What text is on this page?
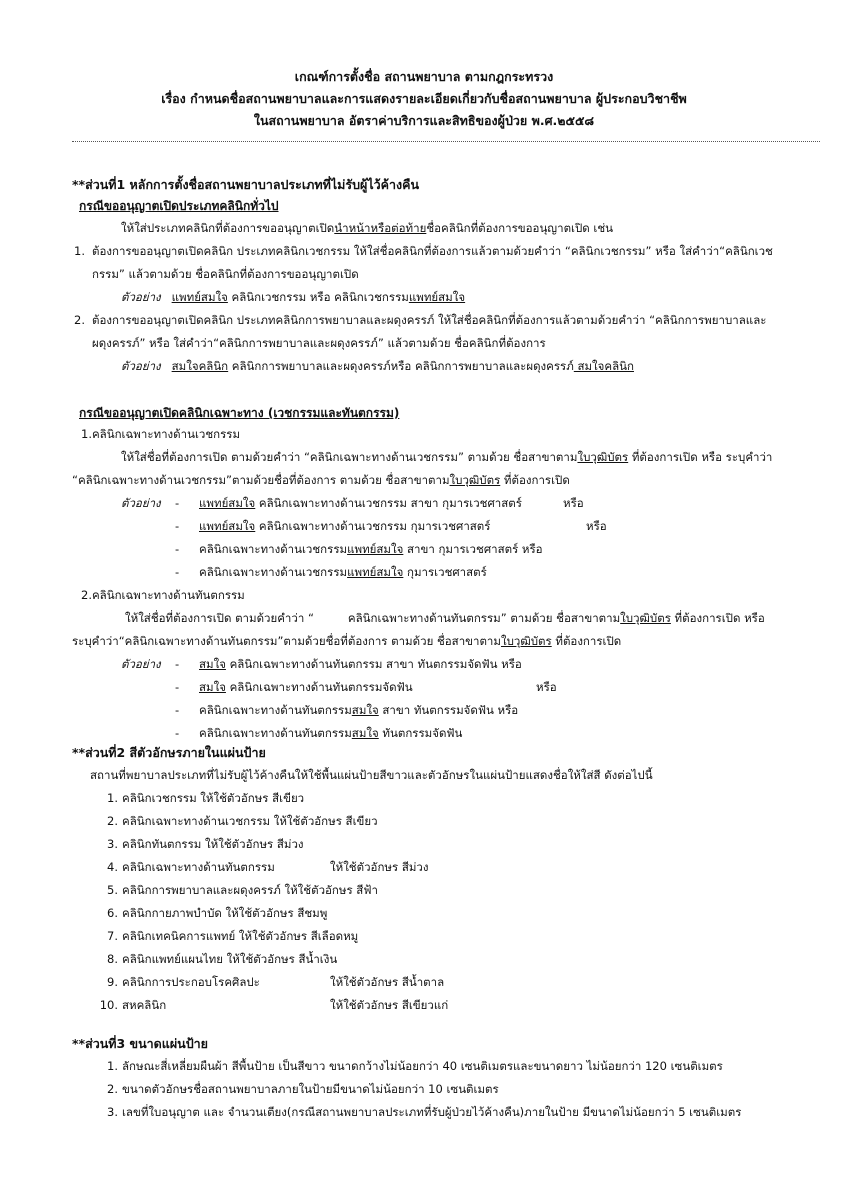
เกณฑ์การตั้งชื่อ สถานพยาบาล ตามกฎกระทรวง
เรื่อง กำหนดชื่อสถานพยาบาลและการแสดงรายละเอียดเกี่ยวกับชื่อสถานพยาบาล ผู้ประกอบวิชาชีพ
ในสถานพยาบาล อัตราค่าบริการและสิทธิของผู้ป่วย พ.ศ.๒๕๕๘
**ส่วนที่1 หลักการตั้งชื่อสถานพยาบาลประเภทที่ไม่รับผู้ไว้ค้างคืน
กรณีขออนุญาตเปิดประเภทคลินิกทั่วไป
ให้ใส่ประเภทคลินิกที่ต้องการขออนุญาตเปิดนำหน้าหรือต่อท้ายชื่อคลินิกที่ต้องการขออนุญาตเปิด เช่น
1. ต้องการขออนุญาตเปิดคลินิก ประเภทคลินิกเวชกรรม ให้ใส่ชื่อคลินิกที่ต้องการแล้วตามด้วยคำว่า “คลินิกเวชกรรม” หรือ ใส่คำว่า“คลินิกเวช
กรรม” แล้วตามด้วย ชื่อคลินิกที่ต้องการขออนุญาตเปิด
ตัวอย่าง แพทย์สมใจ คลินิกเวชกรรม หรือ คลินิกเวชกรรมแพทย์สมใจ
2. ต้องการขออนุญาตเปิดคลินิก ประเภทคลินิกการพยาบาลและผดุงครรภ์ ให้ใส่ชื่อคลินิกที่ต้องการแล้วตามด้วยคำว่า “คลินิกการพยาบาลและ
ผดุงครรภ์” หรือ ใส่คำว่า“คลินิกการพยาบาลและผดุงครรภ์” แล้วตามด้วย ชื่อคลินิกที่ต้องการ
ตัวอย่าง สมใจคลินิก คลินิกการพยาบาลและผดุงครรภ์หรือ คลินิกการพยาบาลและผดุงครรภ์ สมใจคลินิก
กรณีขออนุญาตเปิดคลินิกเฉพาะทาง (เวชกรรมและทันตกรรม)
1.คลินิกเฉพาะทางด้านเวชกรรม
ให้ใส่ชื่อที่ต้องการเปิด ตามด้วยคำว่า “คลินิกเฉพาะทางด้านเวชกรรม” ตามด้วย ชื่อสาขาตามใบวุฒิบัตร ที่ต้องการเปิด หรือ ระบุคำว่า
“คลินิกเฉพาะทางด้านเวชกรรม”ตามด้วยชื่อที่ต้องการ ตามด้วย ชื่อสาขาตามใบวุฒิบัตร ที่ต้องการเปิด
ตัวอย่าง - แพทย์สมใจ คลินิกเฉพาะทางด้านเวชกรรม สาขา กุมารเวชศาสตร์	หรือ
- แพทย์สมใจ คลินิกเฉพาะทางด้านเวชกรรม กุมารเวชศาสตร์	หรือ
- คลินิกเฉพาะทางด้านเวชกรรมแพทย์สมใจ สาขา กุมารเวชศาสตร์ หรือ
- คลินิกเฉพาะทางด้านเวชกรรมแพทย์สมใจ กุมารเวชศาสตร์
2.คลินิกเฉพาะทางด้านทันตกรรม
ให้ใส่ชื่อที่ต้องการเปิด ตามด้วยคำว่า “	คลินิกเฉพาะทางด้านทันตกรรม” ตามด้วย ชื่อสาขาตามใบวุฒิบัตร ที่ต้องการเปิด หรือ
ระบุคำว่า“คลินิกเฉพาะทางด้านทันตกรรม”ตามด้วยชื่อที่ต้องการ ตามด้วย ชื่อสาขาตามใบวุฒิบัตร ที่ต้องการเปิด
ตัวอย่าง - สมใจ คลินิกเฉพาะทางด้านทันตกรรม สาขา ทันตกรรมจัดฟัน หรือ
- สมใจ คลินิกเฉพาะทางด้านทันตกรรมจัดฟัน	หรือ
- คลินิกเฉพาะทางด้านทันตกรรมสมใจ สาขา ทันตกรรมจัดฟัน หรือ
- คลินิกเฉพาะทางด้านทันตกรรมสมใจ ทันตกรรมจัดฟัน
**ส่วนที่2 สีตัวอักษรภายในแผ่นป้าย
สถานที่พยาบาลประเภทที่ไม่รับผู้ไว้ค้างคืนให้ใช้พื้นแผ่นป้ายสีขาวและตัวอักษรในแผ่นป้ายแสดงชื่อให้ใส่สี ดังต่อไปนี้
1. คลินิกเวชกรรม ให้ใช้ตัวอักษร สีเขียว
2. คลินิกเฉพาะทางด้านเวชกรรม ให้ใช้ตัวอักษร สีเขียว
3. คลินิกทันตกรรม ให้ใช้ตัวอักษร สีม่วง
4. คลินิกเฉพาะทางด้านทันตกรรม	ให้ใช้ตัวอักษร สีม่วง
5. คลินิกการพยาบาลและผดุงครรภ์ ให้ใช้ตัวอักษร สีฟ้า
6. คลินิกกายภาพบำบัด ให้ใช้ตัวอักษร สีชมพู
7. คลินิกเทคนิคการแพทย์ ให้ใช้ตัวอักษร สีเลือดหมู
8. คลินิกแพทย์แผนไทย ให้ใช้ตัวอักษร สีน้ำเงิน
9. คลินิกการประกอบโรคศิลปะ	ให้ใช้ตัวอักษร สีน้ำตาล
10. สหคลินิก	ให้ใช้ตัวอักษร สีเขียวแก่
**ส่วนที่3 ขนาดแผ่นป้าย
1. ลักษณะสี่เหลี่ยมผืนผ้า สีพื้นป้าย เป็นสีขาว ขนาดกว้างไม่น้อยกว่า 40 เซนติเมตรและขนาดยาว ไม่น้อยกว่า 120 เซนติเมตร
2. ขนาดตัวอักษรชื่อสถานพยาบาลภายในป้ายมีขนาดไม่น้อยกว่า 10 เซนติเมตร
3. เลขที่ใบอนุญาต และ จำนวนเตียง(กรณีสถานพยาบาลประเภทที่รับผู้ป่วยไว้ค้างคืน)ภายในป้าย มีขนาดไม่น้อยกว่า 5 เซนติเมตร
